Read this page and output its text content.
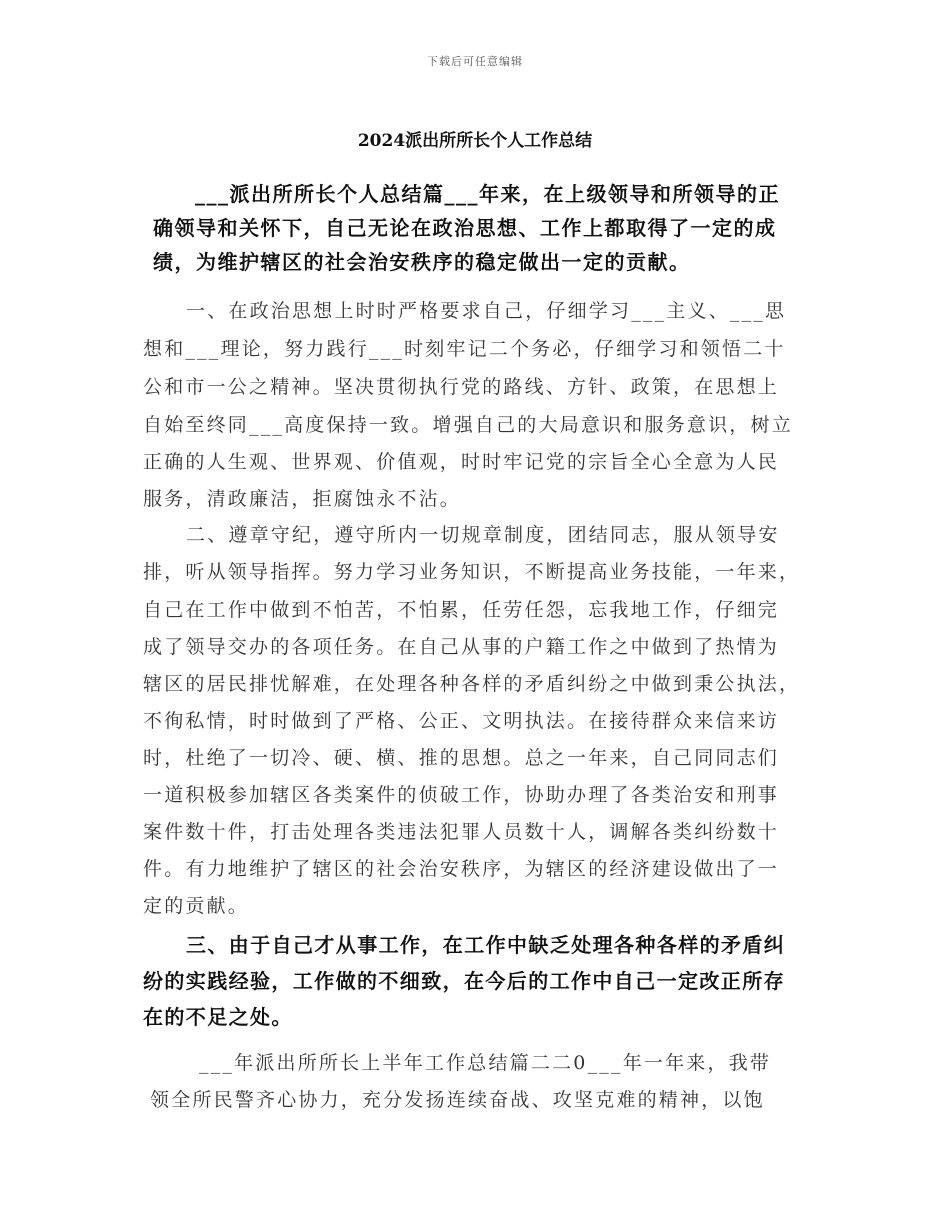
下载后可任意编辑
2024派出所所长个人工作总结
___派出所所长个人总结篇___年来，在上级领导和所领导的正
确领导和关怀下，自己无论在政治思想、工作上都取得了一定的成
绩，为维护辖区的社会治安秩序的稳定做出一定的贡献。
一、在政治思想上时时严格要求自己，仔细学习___主义、___思
想和___理论，努力践行___时刻牢记二个务必，仔细学习和领悟二十
公和市一公之精神。坚决贯彻执行党的路线、方针、政策，在思想上
自始至终同___高度保持一致。增强自己的大局意识和服务意识，树立
正确的人生观、世界观、价值观，时时牢记党的宗旨全心全意为人民
服务，清政廉洁，拒腐蚀永不沾。
二、遵章守纪，遵守所内一切规章制度，团结同志，服从领导安
排，听从领导指挥。努力学习业务知识，不断提高业务技能，一年来，
自己在工作中做到不怕苦，不怕累，任劳任怨，忘我地工作，仔细完
成了领导交办的各项任务。在自己从事的户籍工作之中做到了热情为
辖区的居民排忧解难，在处理各种各样的矛盾纠纷之中做到秉公执法，
不徇私情，时时做到了严格、公正、文明执法。在接待群众来信来访
时，杜绝了一切冷、硬、横、推的思想。总之一年来，自己同同志们
一道积极参加辖区各类案件的侦破工作，协助办理了各类治安和刑事
案件数十件，打击处理各类违法犯罪人员数十人，调解各类纠纷数十
件。有力地维护了辖区的社会治安秩序，为辖区的经济建设做出了一
定的贡献。
三、由于自己才从事工作，在工作中缺乏处理各种各样的矛盾纠
纷的实践经验，工作做的不细致，在今后的工作中自己一定改正所存
在的不足之处。
___年派出所所长上半年工作总结篇二二0___年一年来，我带
领全所民警齐心协力，充分发扬连续奋战、攻坚克难的精神，以饱
